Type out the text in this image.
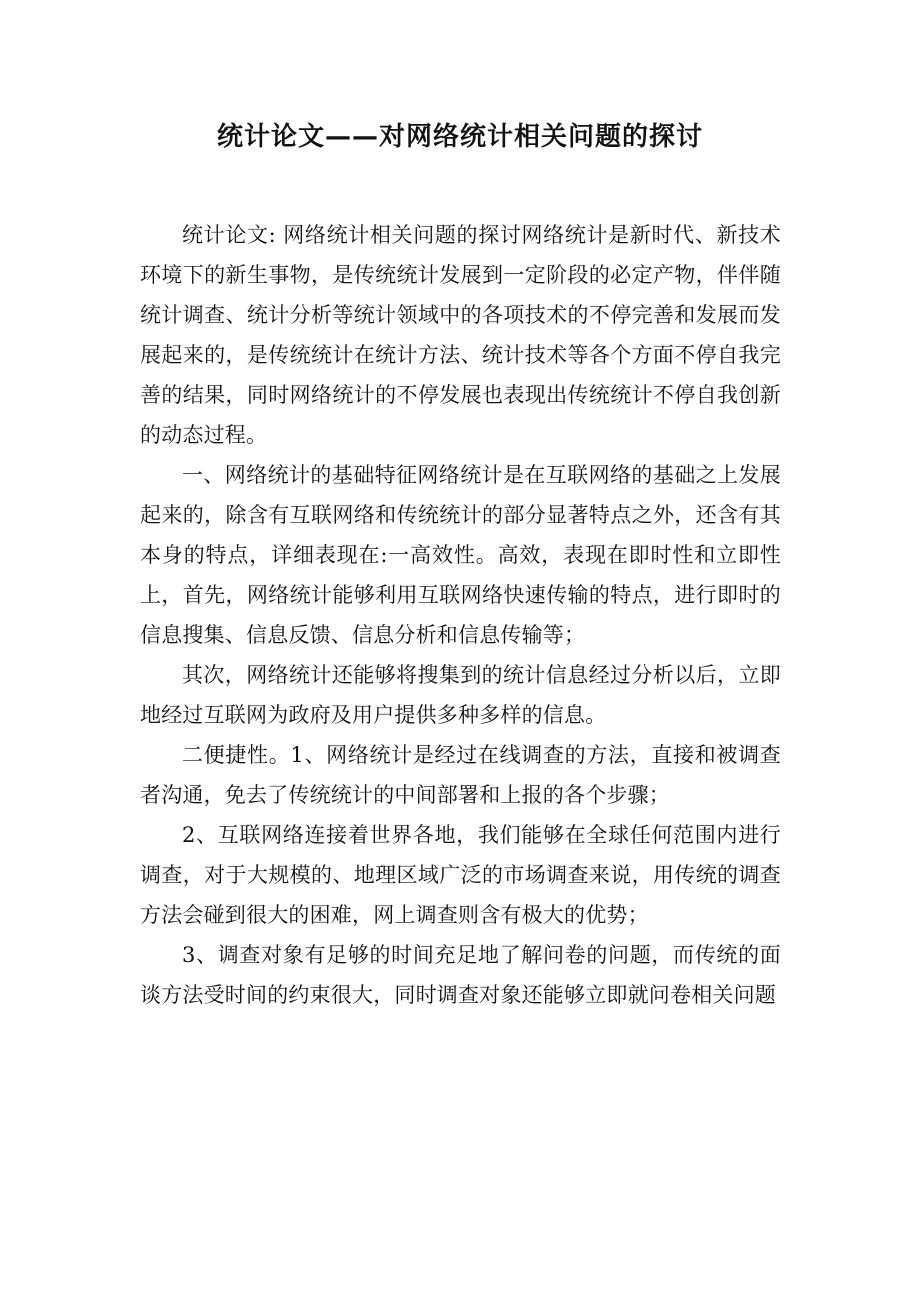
统计论文——对网络统计相关问题的探讨

统计论文: 网络统计相关问题的探讨网络统计是新时代、新技术环境下的新生事物，是传统统计发展到一定阶段的必定产物，伴伴随统计调查、统计分析等统计领域中的各项技术的不停完善和发展而发展起来的，是传统统计在统计方法、统计技术等各个方面不停自我完善的结果，同时网络统计的不停发展也表现出传统统计不停自我创新的动态过程。

一、网络统计的基础特征网络统计是在互联网络的基础之上发展起来的，除含有互联网络和传统统计的部分显著特点之外，还含有其本身的特点，详细表现在:一高效性。高效，表现在即时性和立即性上，首先，网络统计能够利用互联网络快速传输的特点，进行即时的信息搜集、信息反馈、信息分析和信息传输等；

其次，网络统计还能够将搜集到的统计信息经过分析以后，立即地经过互联网为政府及用户提供多种多样的信息。

二便捷性。1、网络统计是经过在线调查的方法，直接和被调查者沟通，免去了传统统计的中间部署和上报的各个步骤；

2、互联网络连接着世界各地，我们能够在全球任何范围内进行调查，对于大规模的、地理区域广泛的市场调查来说，用传统的调查方法会碰到很大的困难，网上调查则含有极大的优势；

3、调查对象有足够的时间充足地了解问卷的问题，而传统的面谈方法受时间的约束很大，同时调查对象还能够立即就问卷相关问题
